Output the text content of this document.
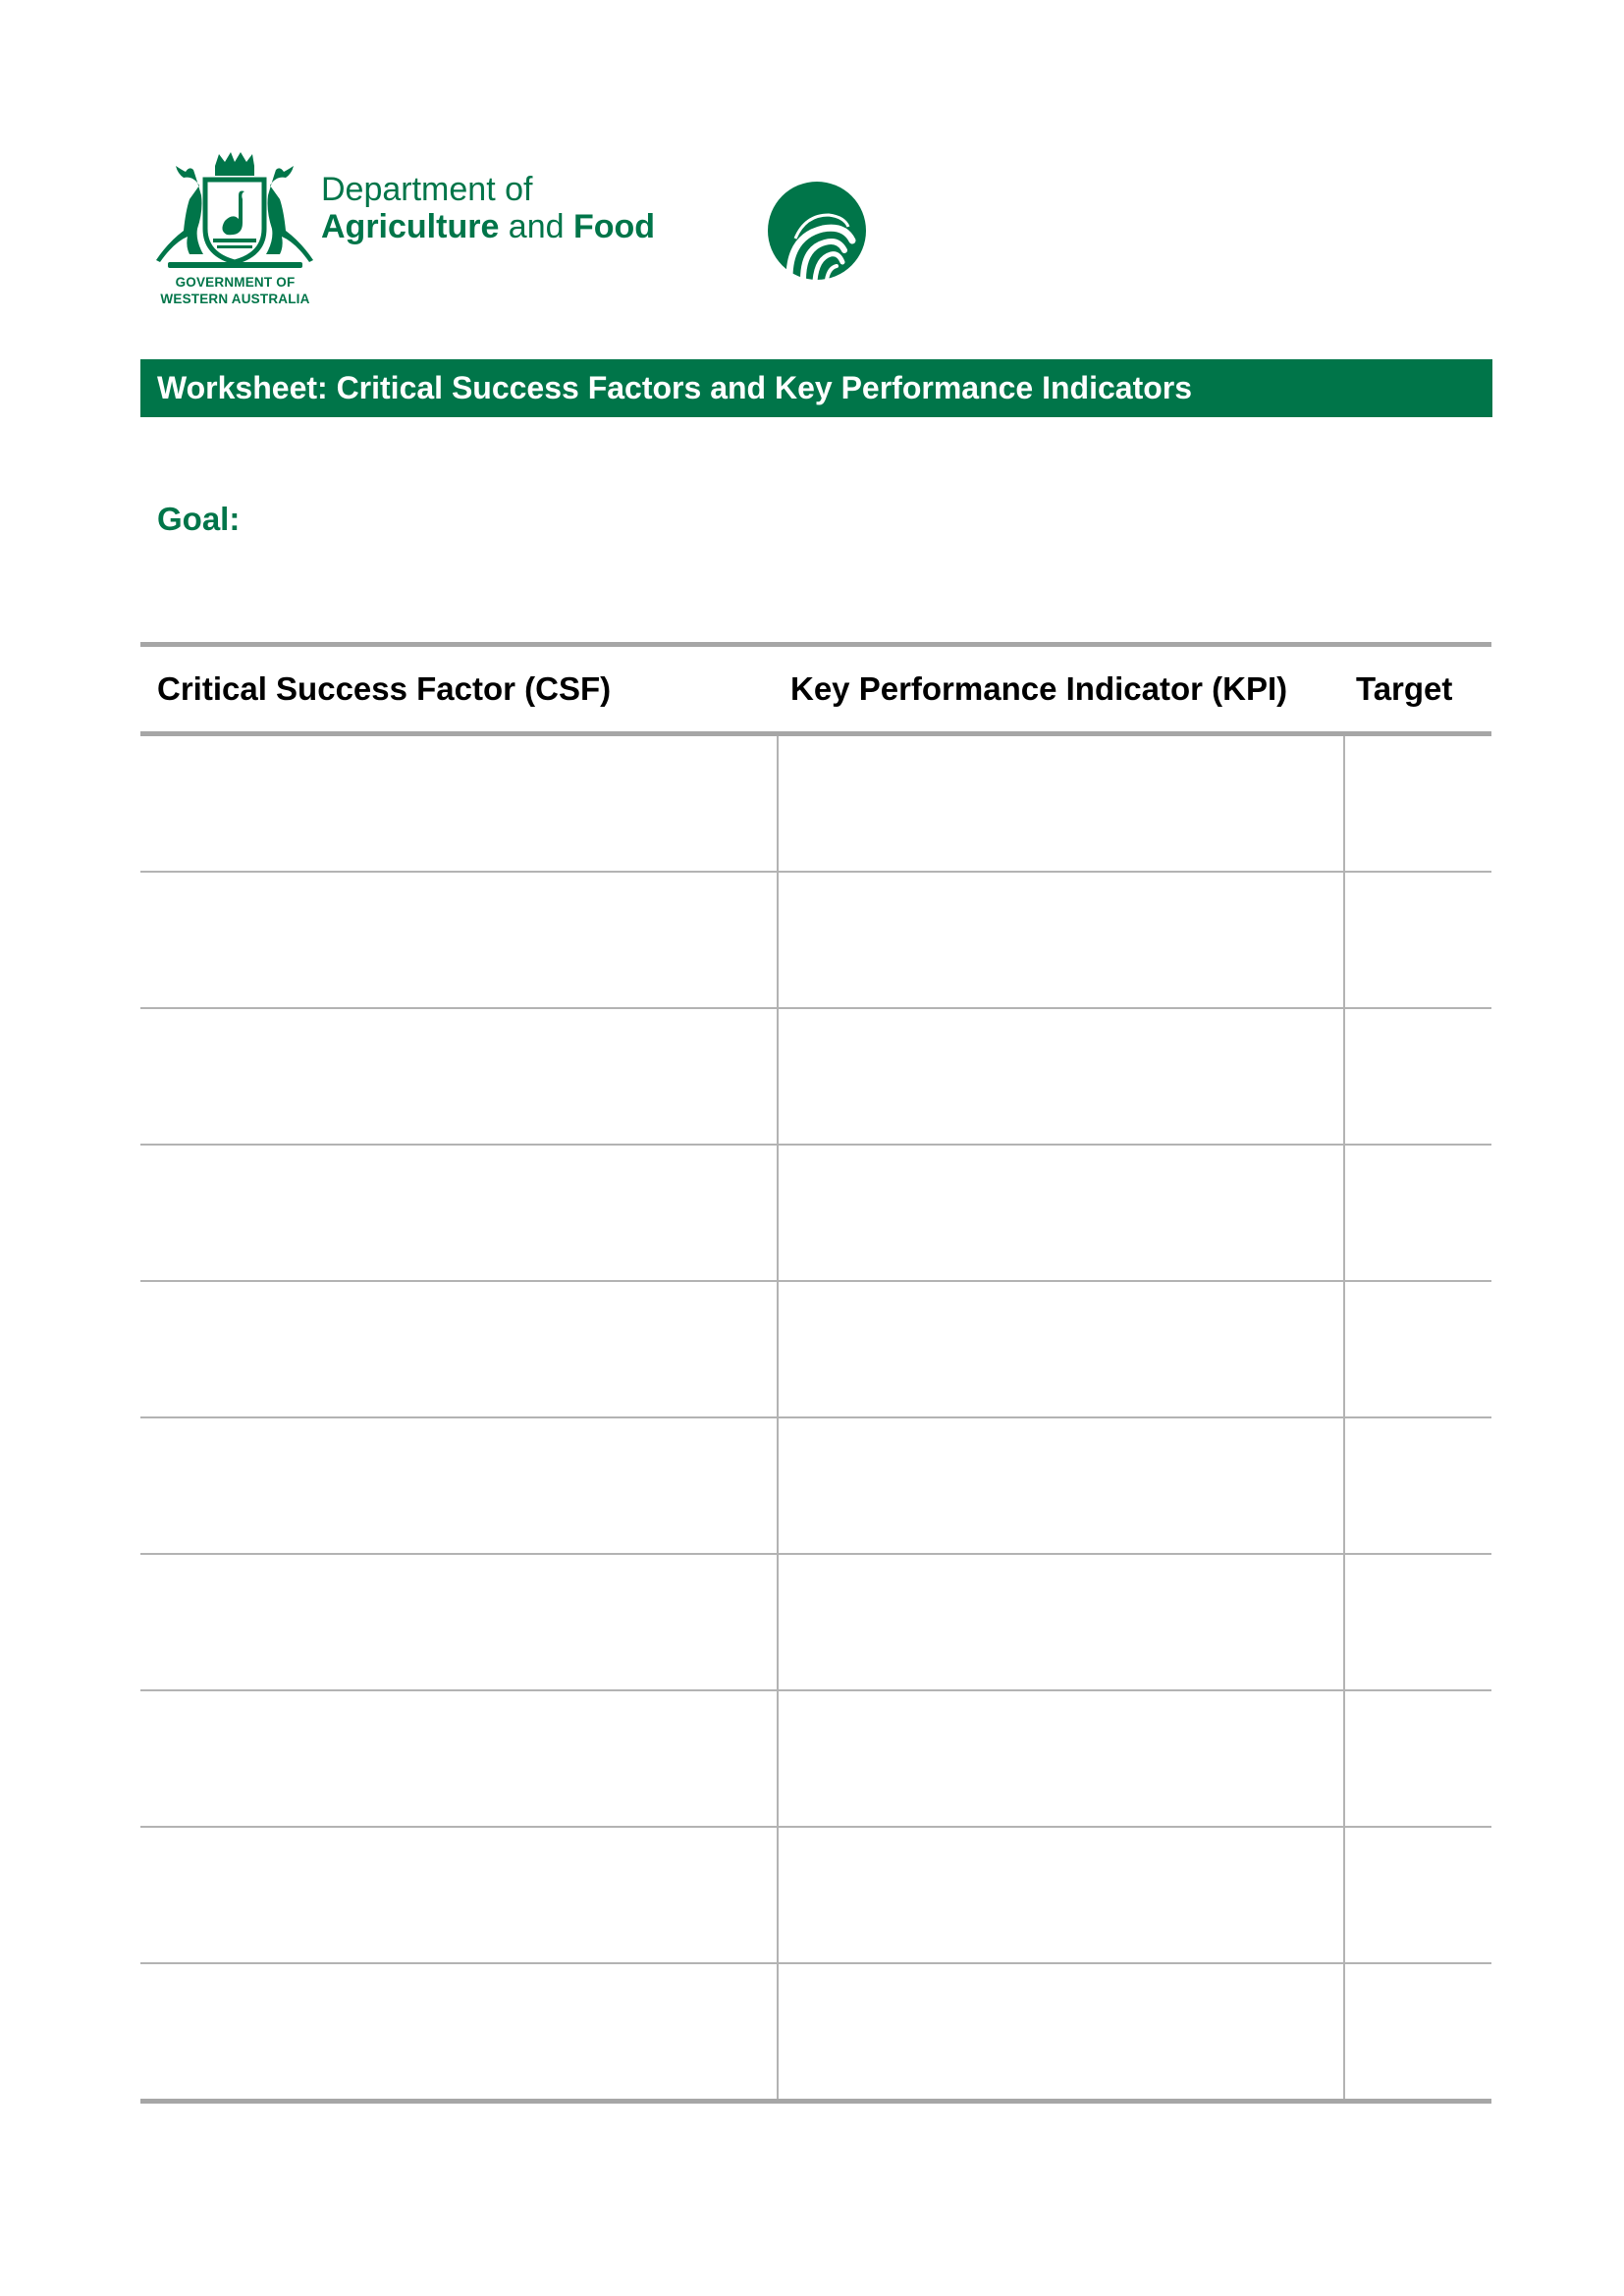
GOVERNMENT OF
WESTERN AUSTRALIA
Department of
Agriculture and Food
Worksheet: Critical Success Factors and Key Performance Indicators
Goal:
Critical Success Factor (CSF)	Key Performance Indicator (KPI) Target
